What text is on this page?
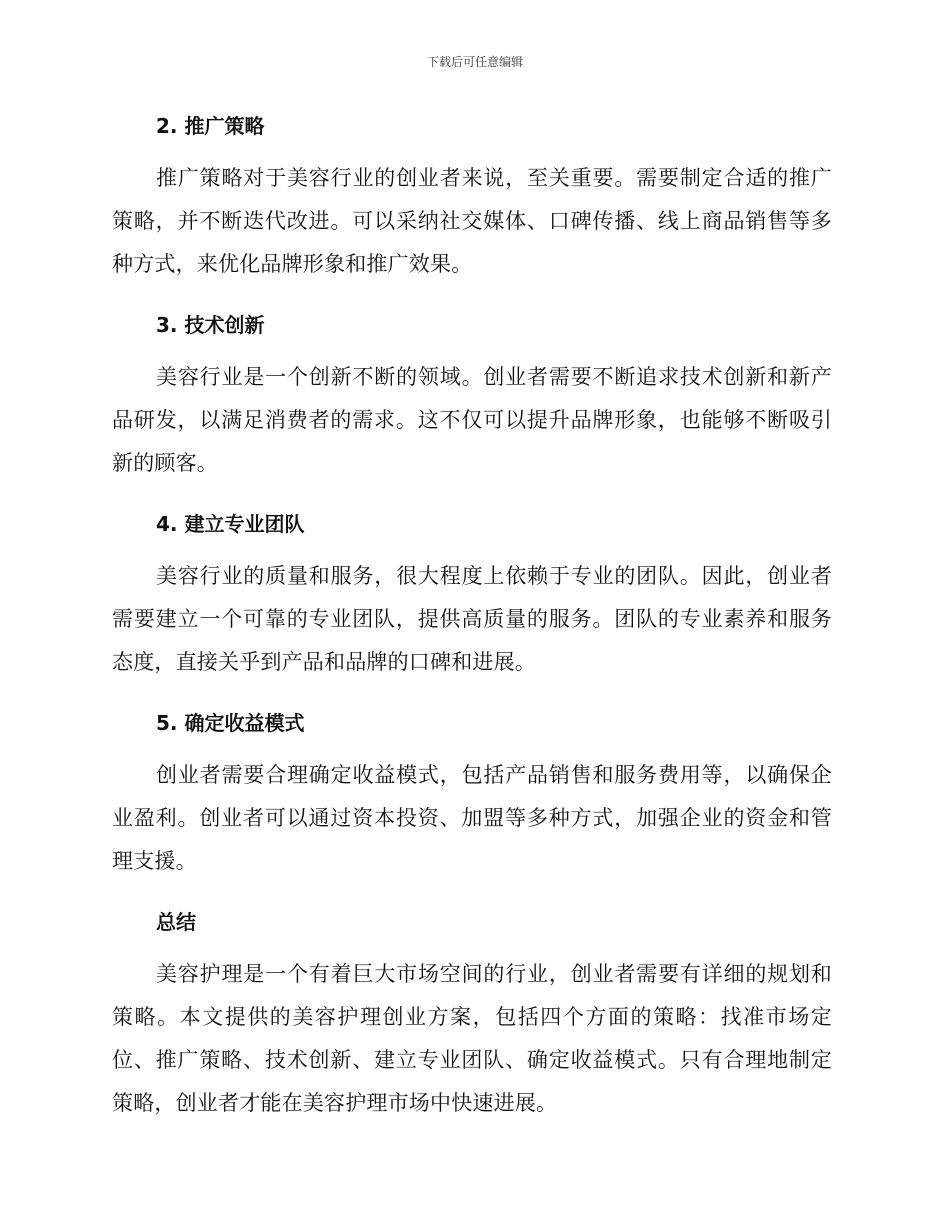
下载后可任意编辑
2. 推广策略

推广策略对于美容行业的创业者来说，至关重要。需要制定合适的推广策略，并不断迭代改进。可以采纳社交媒体、口碑传播、线上商品销售等多种方式，来优化品牌形象和推广效果。

3. 技术创新

美容行业是一个创新不断的领域。创业者需要不断追求技术创新和新产品研发，以满足消费者的需求。这不仅可以提升品牌形象，也能够不断吸引新的顾客。

4. 建立专业团队

美容行业的质量和服务，很大程度上依赖于专业的团队。因此，创业者需要建立一个可靠的专业团队，提供高质量的服务。团队的专业素养和服务态度，直接关乎到产品和品牌的口碑和进展。

5. 确定收益模式

创业者需要合理确定收益模式，包括产品销售和服务费用等，以确保企业盈利。创业者可以通过资本投资、加盟等多种方式，加强企业的资金和管理支援。

总结

美容护理是一个有着巨大市场空间的行业，创业者需要有详细的规划和策略。本文提供的美容护理创业方案，包括四个方面的策略：找准市场定位、推广策略、技术创新、建立专业团队、确定收益模式。只有合理地制定策略，创业者才能在美容护理市场中快速进展。
